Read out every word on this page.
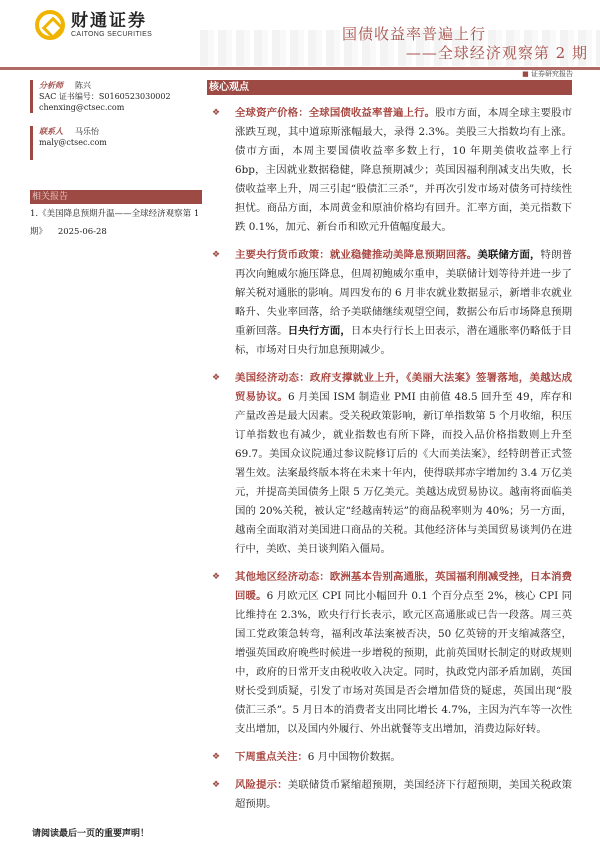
财通证券
CAITONG SECURITIES	国债收益率普遍上行
——全球经济观察第 2 期
■ 证券研究报告
分析师 陈兴
SAC 证书编号：S0160523030002
chenxing@ctsec.com
联系人 马乐怡
maly@ctsec.com
相关报告
1.《美国降息预期升温——全球经济观察第 1 期》 2025-06-28
核心观点
❖ 全球资产价格：全球国债收益率普遍上行。股市方面，本周全球主要股市涨跌互现，其中道琼斯涨幅最大，录得 2.3%。美股三大指数均有上涨。债市方面，本周主要国债收益率多数上行，10 年期美债收益率上行 6bp，主因就业数据稳健，降息预期减少；英国因福利削减支出失败，长债收益率上升，周三引起“股债汇三杀”，并再次引发市场对债务可持续性担忧。商品方面，本周黄金和原油价格均有回升。汇率方面，美元指数下跌 0.1%，加元、新台币和欧元升值幅度最大。
❖ 主要央行货币政策：就业稳健推动美降息预期回落。美联储方面，特朗普再次向鲍威尔施压降息，但周初鲍威尔重申，美联储计划等待并进一步了解关税对通胀的影响。周四发布的 6 月非农就业数据显示，新增非农就业略升、失业率回落，给予美联储继续观望空间，数据公布后市场降息预期重新回落。日央行方面，日本央行行长上田表示，潜在通胀率仍略低于目标，市场对日央行加息预期减少。
❖ 美国经济动态：政府支撑就业上升，《美丽大法案》签署落地，美越达成贸易协议。6 月美国 ISM 制造业 PMI 由前值 48.5 回升至 49，库存和产量改善是最大因素。受关税政策影响，新订单指数第 5 个月收缩，积压订单指数也有减少，就业指数也有所下降，而投入品价格指数则上升至 69.7。美国众议院通过参议院修订后的《大而美法案》，经特朗普正式签署生效。法案最终版本将在未来十年内，使得联邦赤字增加约 3.4 万亿美元，并提高美国债务上限 5 万亿美元。美越达成贸易协议。越南将面临美国的 20%关税，被认定“经越南转运”的商品税率则为 40%；另一方面，越南全面取消对美国进口商品的关税。其他经济体与美国贸易谈判仍在进行中，美欧、美日谈判陷入僵局。
❖ 其他地区经济动态：欧洲基本告别高通胀，英国福利削减受挫，日本消费回暖。6 月欧元区 CPI 同比小幅回升 0.1 个百分点至 2%，核心 CPI 同比维持在 2.3%，欧央行行长表示，欧元区高通胀或已告一段落。周三英国工党政策急转弯，福利改革法案被否决，50 亿英镑的开支缩减落空，增强英国政府晚些时候进一步增税的预期，此前英国财长制定的财政规则中，政府的日常开支由税收收入决定。同时，执政党内部矛盾加剧，英国财长受到质疑，引发了市场对英国是否会增加借贷的疑虑，英国出现“股债汇三杀”。5 月日本的消费者支出同比增长 4.7%，主因为汽车等一次性支出增加，以及国内外履行、外出就餐等支出增加，消费边际好转。
❖ 下周重点关注：6 月中国物价数据。
❖ 风险提示：美联储货币紧缩超预期，美国经济下行超预期，美国关税政策超预期。
请阅读最后一页的重要声明！
